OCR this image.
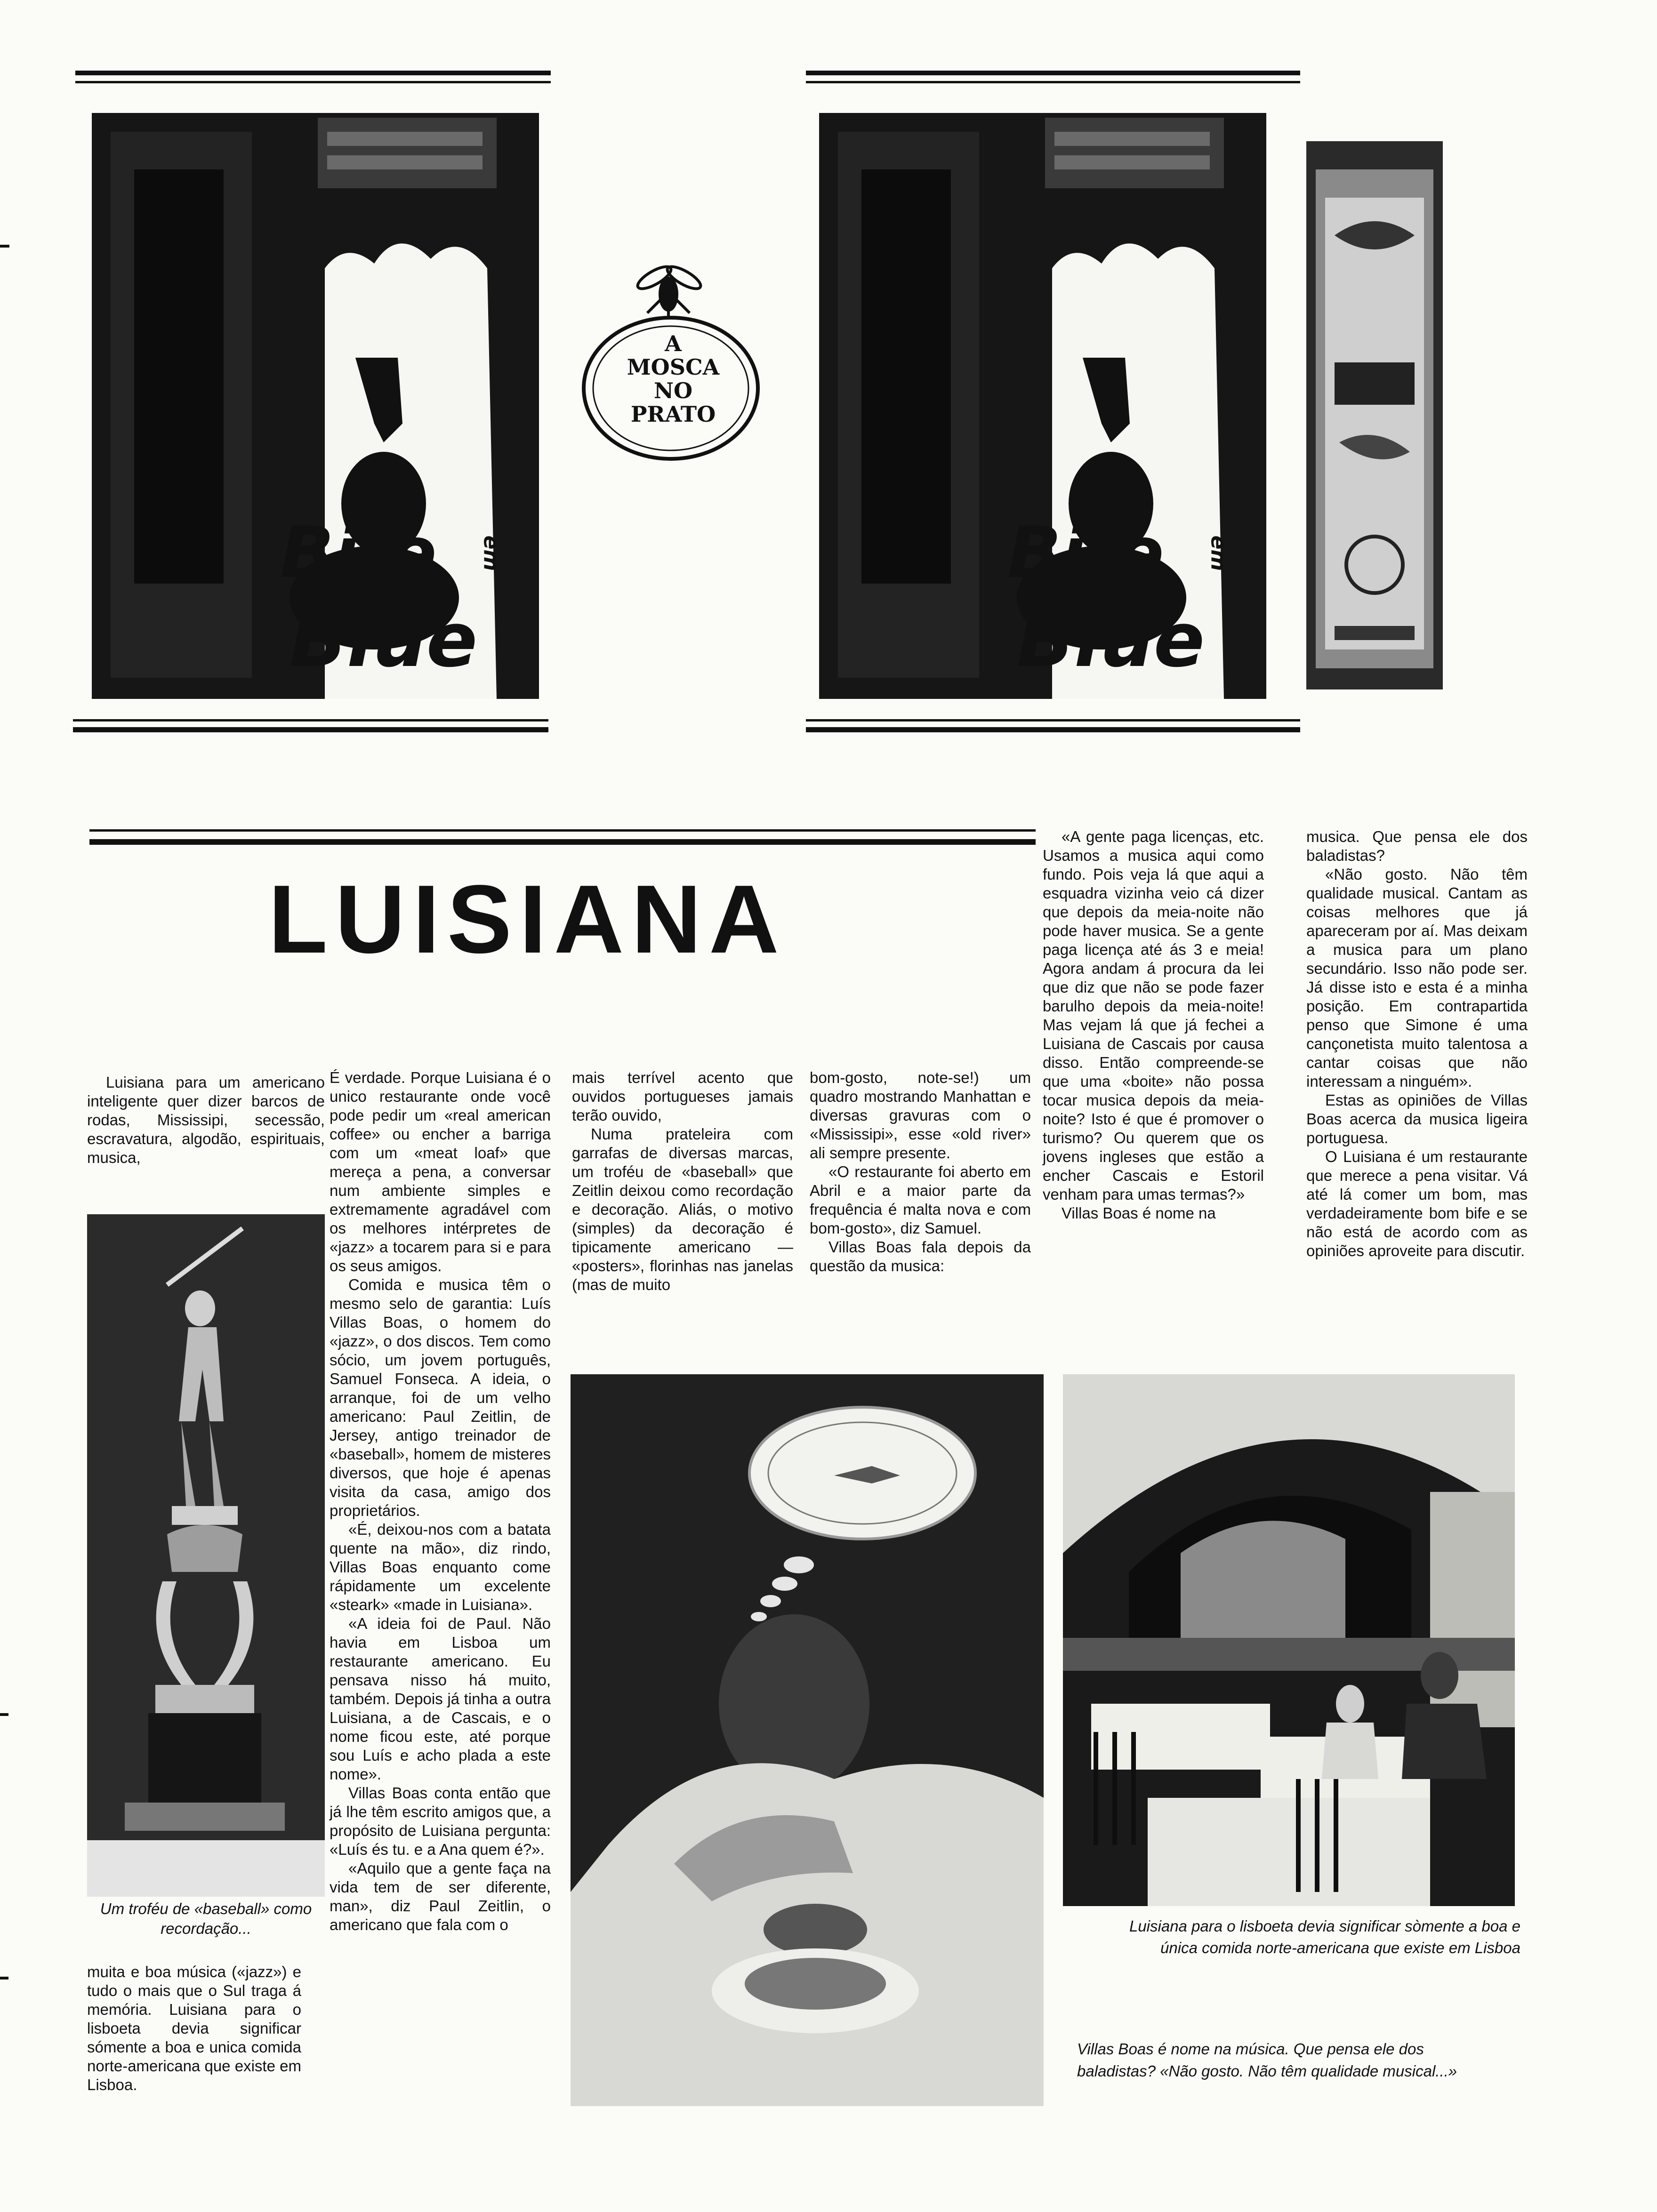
Bife em
Blue
A
MOSCA
NO
PRATO
Bife em
Blue
LUISIANA

Luisiana para um americano inteligente quer dizer barcos de rodas, Mississipi, secessão, escravatura, algodão, espirituais, musica,

Um troféu de «baseball» como recordação...

muita e boa música («jazz») e tudo o mais que o Sul traga á memória. Luisiana para o lisboeta devia significar sómente a boa e unica comida norte-americana que existe em Lisboa.

É verdade. Porque Luisiana é o unico restaurante onde você pode pedir um «real american coffee» ou encher a barriga com um «meat loaf» que mereça a pena, a conversar num ambiente simples e extremamente agradável com os melhores intérpretes de «jazz» a tocarem para si e para os seus amigos.

Comida e musica têm o mesmo selo de garantia: Luís Villas Boas, o homem do «jazz», o dos discos. Tem como sócio, um jovem português, Samuel Fonseca. A ideia, o arranque, foi de um velho americano: Paul Zeitlin, de Jersey, antigo treinador de «baseball», homem de misteres diversos, que hoje é apenas visita da casa, amigo dos proprietários.

«É, deixou-nos com a batata quente na mão», diz rindo, Villas Boas enquanto come rápidamente um excelente «steark» «made in Luisiana».

«A ideia foi de Paul. Não havia em Lisboa um restaurante americano. Eu pensava nisso há muito, também. Depois já tinha a outra Luisiana, a de Cascais, e o nome ficou este, até porque sou Luís e acho plada a este nome».

Villas Boas conta então que já lhe têm escrito amigos que, a propósito de Luisiana pergunta: «Luís és tu. e a Ana quem é?».

«Aquilo que a gente faça na vida tem de ser diferente, man», diz Paul Zeitlin, o americano que fala com o

mais terrível acento que ouvidos portugueses jamais terão ouvido,

Numa prateleira com garrafas de diversas marcas, um troféu de «baseball» que Zeitlin deixou como recordação e decoração. Aliás, o motivo (simples) da decoração é tipicamente americano — «posters», florinhas nas janelas (mas de muito

bom-gosto, note-se!) um quadro mostrando Manhattan e diversas gravuras com o «Mississipi», esse «old river» ali sempre presente.

«O restaurante foi aberto em Abril e a maior parte da frequência é malta nova e com bom-gosto», diz Samuel.

Villas Boas fala depois da questão da musica:

«A gente paga licenças, etc. Usamos a musica aqui como fundo. Pois veja lá que aqui a esquadra vizinha veio cá dizer que depois da meia-noite não pode haver musica. Se a gente paga licença até ás 3 e meia! Agora andam á procura da lei que diz que não se pode fazer barulho depois da meia-noite! Mas vejam lá que já fechei a Luisiana de Cascais por causa disso. Então compreende-se que uma «boite» não possa tocar musica depois da meia-noite? Isto é que é promover o turismo? Ou querem que os jovens ingleses que estão a encher Cascais e Estoril venham para umas termas?»

Villas Boas é nome na

musica. Que pensa ele dos baladistas?

«Não gosto. Não têm qualidade musical. Cantam as coisas melhores que já apareceram por aí. Mas deixam a musica para um plano secundário. Isso não pode ser. Já disse isto e esta é a minha posição. Em contrapartida penso que Simone é uma cançonetista muito talentosa a cantar coisas que não interessam a ninguém».

Estas as opiniões de Villas Boas acerca da musica ligeira portuguesa.

O Luisiana é um restaurante que merece a pena visitar. Vá até lá comer um bom, mas verdadeiramente bom bife e se não está de acordo com as opiniões aproveite para discutir.

Luisiana para o lisboeta devia significar sòmente a boa e única comida norte-americana que existe em Lisboa
Villas Boas é nome na música. Que pensa ele dos baladistas? «Não gosto. Não têm qualidade musical...»
